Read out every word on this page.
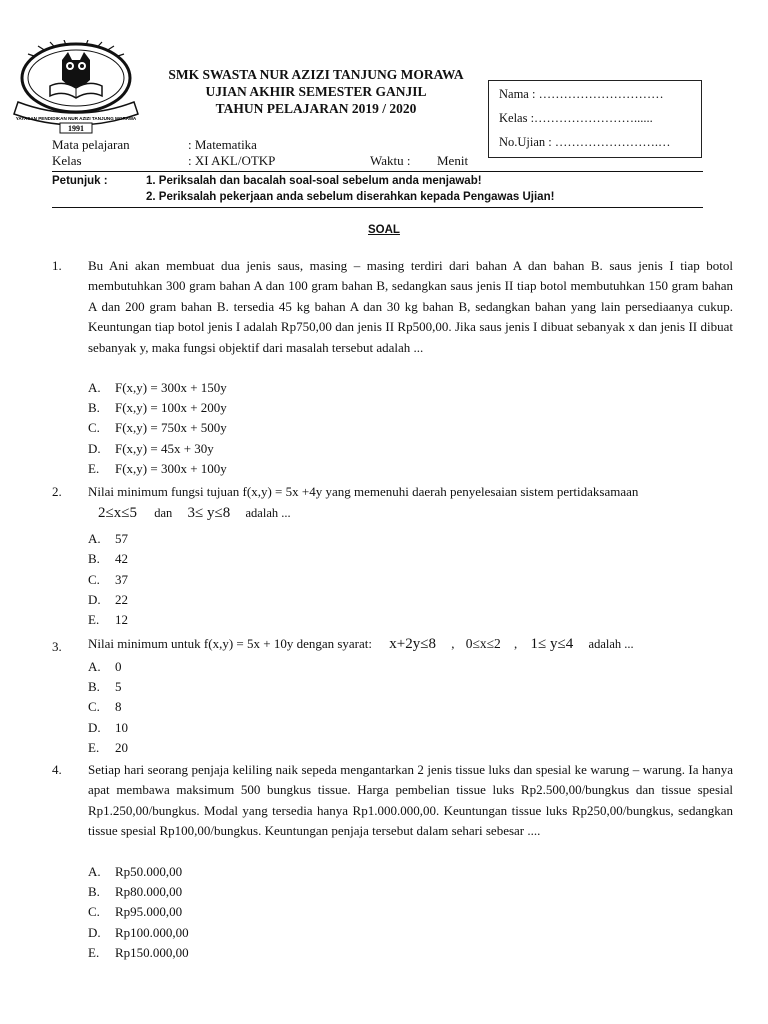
YAYASAN PENDIDIKAN NUR AZIZI TANJUNG MORAWA
1991
SMK SWASTA NUR AZIZI TANJUNG MORAWA
UJIAN AKHIR SEMESTER GANJIL
TAHUN PELAJARAN 2019 / 2020
Nama : …………………………
Kelas :……………………......
No.Ujian : …………………….…
Mata pelajaran	: Matematika
Kelas	: XI AKL/OTKP	Waktu : Menit
Petunjuk :	1. Periksalah dan bacalah soal-soal sebelum anda menjawab!
2. Periksalah pekerjaan anda sebelum diserahkan kepada Pengawas Ujian!
SOAL
1. Bu Ani akan membuat dua jenis saus, masing – masing terdiri dari bahan A dan bahan B. saus jenis I tiap botol membutuhkan 300 gram bahan A dan 100 gram bahan B, sedangkan saus jenis II tiap botol membutuhkan 150 gram bahan A dan 200 gram bahan B. tersedia 45 kg bahan A dan 30 kg bahan B, sedangkan bahan yang lain persediaanya cukup. Keuntungan tiap botol jenis I adalah Rp750,00 dan jenis II Rp500,00. Jika saus jenis I dibuat sebanyak x dan jenis II dibuat sebanyak y, maka fungsi objektif dari masalah tersebut adalah ...
A. F(x,y) = 300x + 150y
B. F(x,y) = 100x + 200y
C. F(x,y) = 750x + 500y
D. F(x,y) = 45x + 30y
E. F(x,y) = 300x + 100y
2. Nilai minimum fungsi tujuan f(x,y) = 5x +4y yang memenuhi daerah penyelesaian sistem pertidaksamaan
2≤x≤5 dan 3≤ y≤8 adalah ...
A. 57
B. 42
C. 37
D. 22
E. 12
3. Nilai minimum untuk f(x,y) = 5x + 10y dengan syarat: x+2y≤8 , 0≤x≤2 , 1≤ y≤4 adalah ...
A. 0
B. 5
C. 8
D. 10
E. 20
4. Setiap hari seorang penjaja keliling naik sepeda mengantarkan 2 jenis tissue luks dan spesial ke warung – warung. Ia hanya apat membawa maksimum 500 bungkus tissue. Harga pembelian tissue luks Rp2.500,00/bungkus dan tissue spesial Rp1.250,00/bungkus. Modal yang tersedia hanya Rp1.000.000,00. Keuntungan tissue luks Rp250,00/bungkus, sedangkan tissue spesial Rp100,00/bungkus. Keuntungan penjaja tersebut dalam sehari sebesar ....
A. Rp50.000,00
B. Rp80.000,00
C. Rp95.000,00
D. Rp100.000,00
E. Rp150.000,00
